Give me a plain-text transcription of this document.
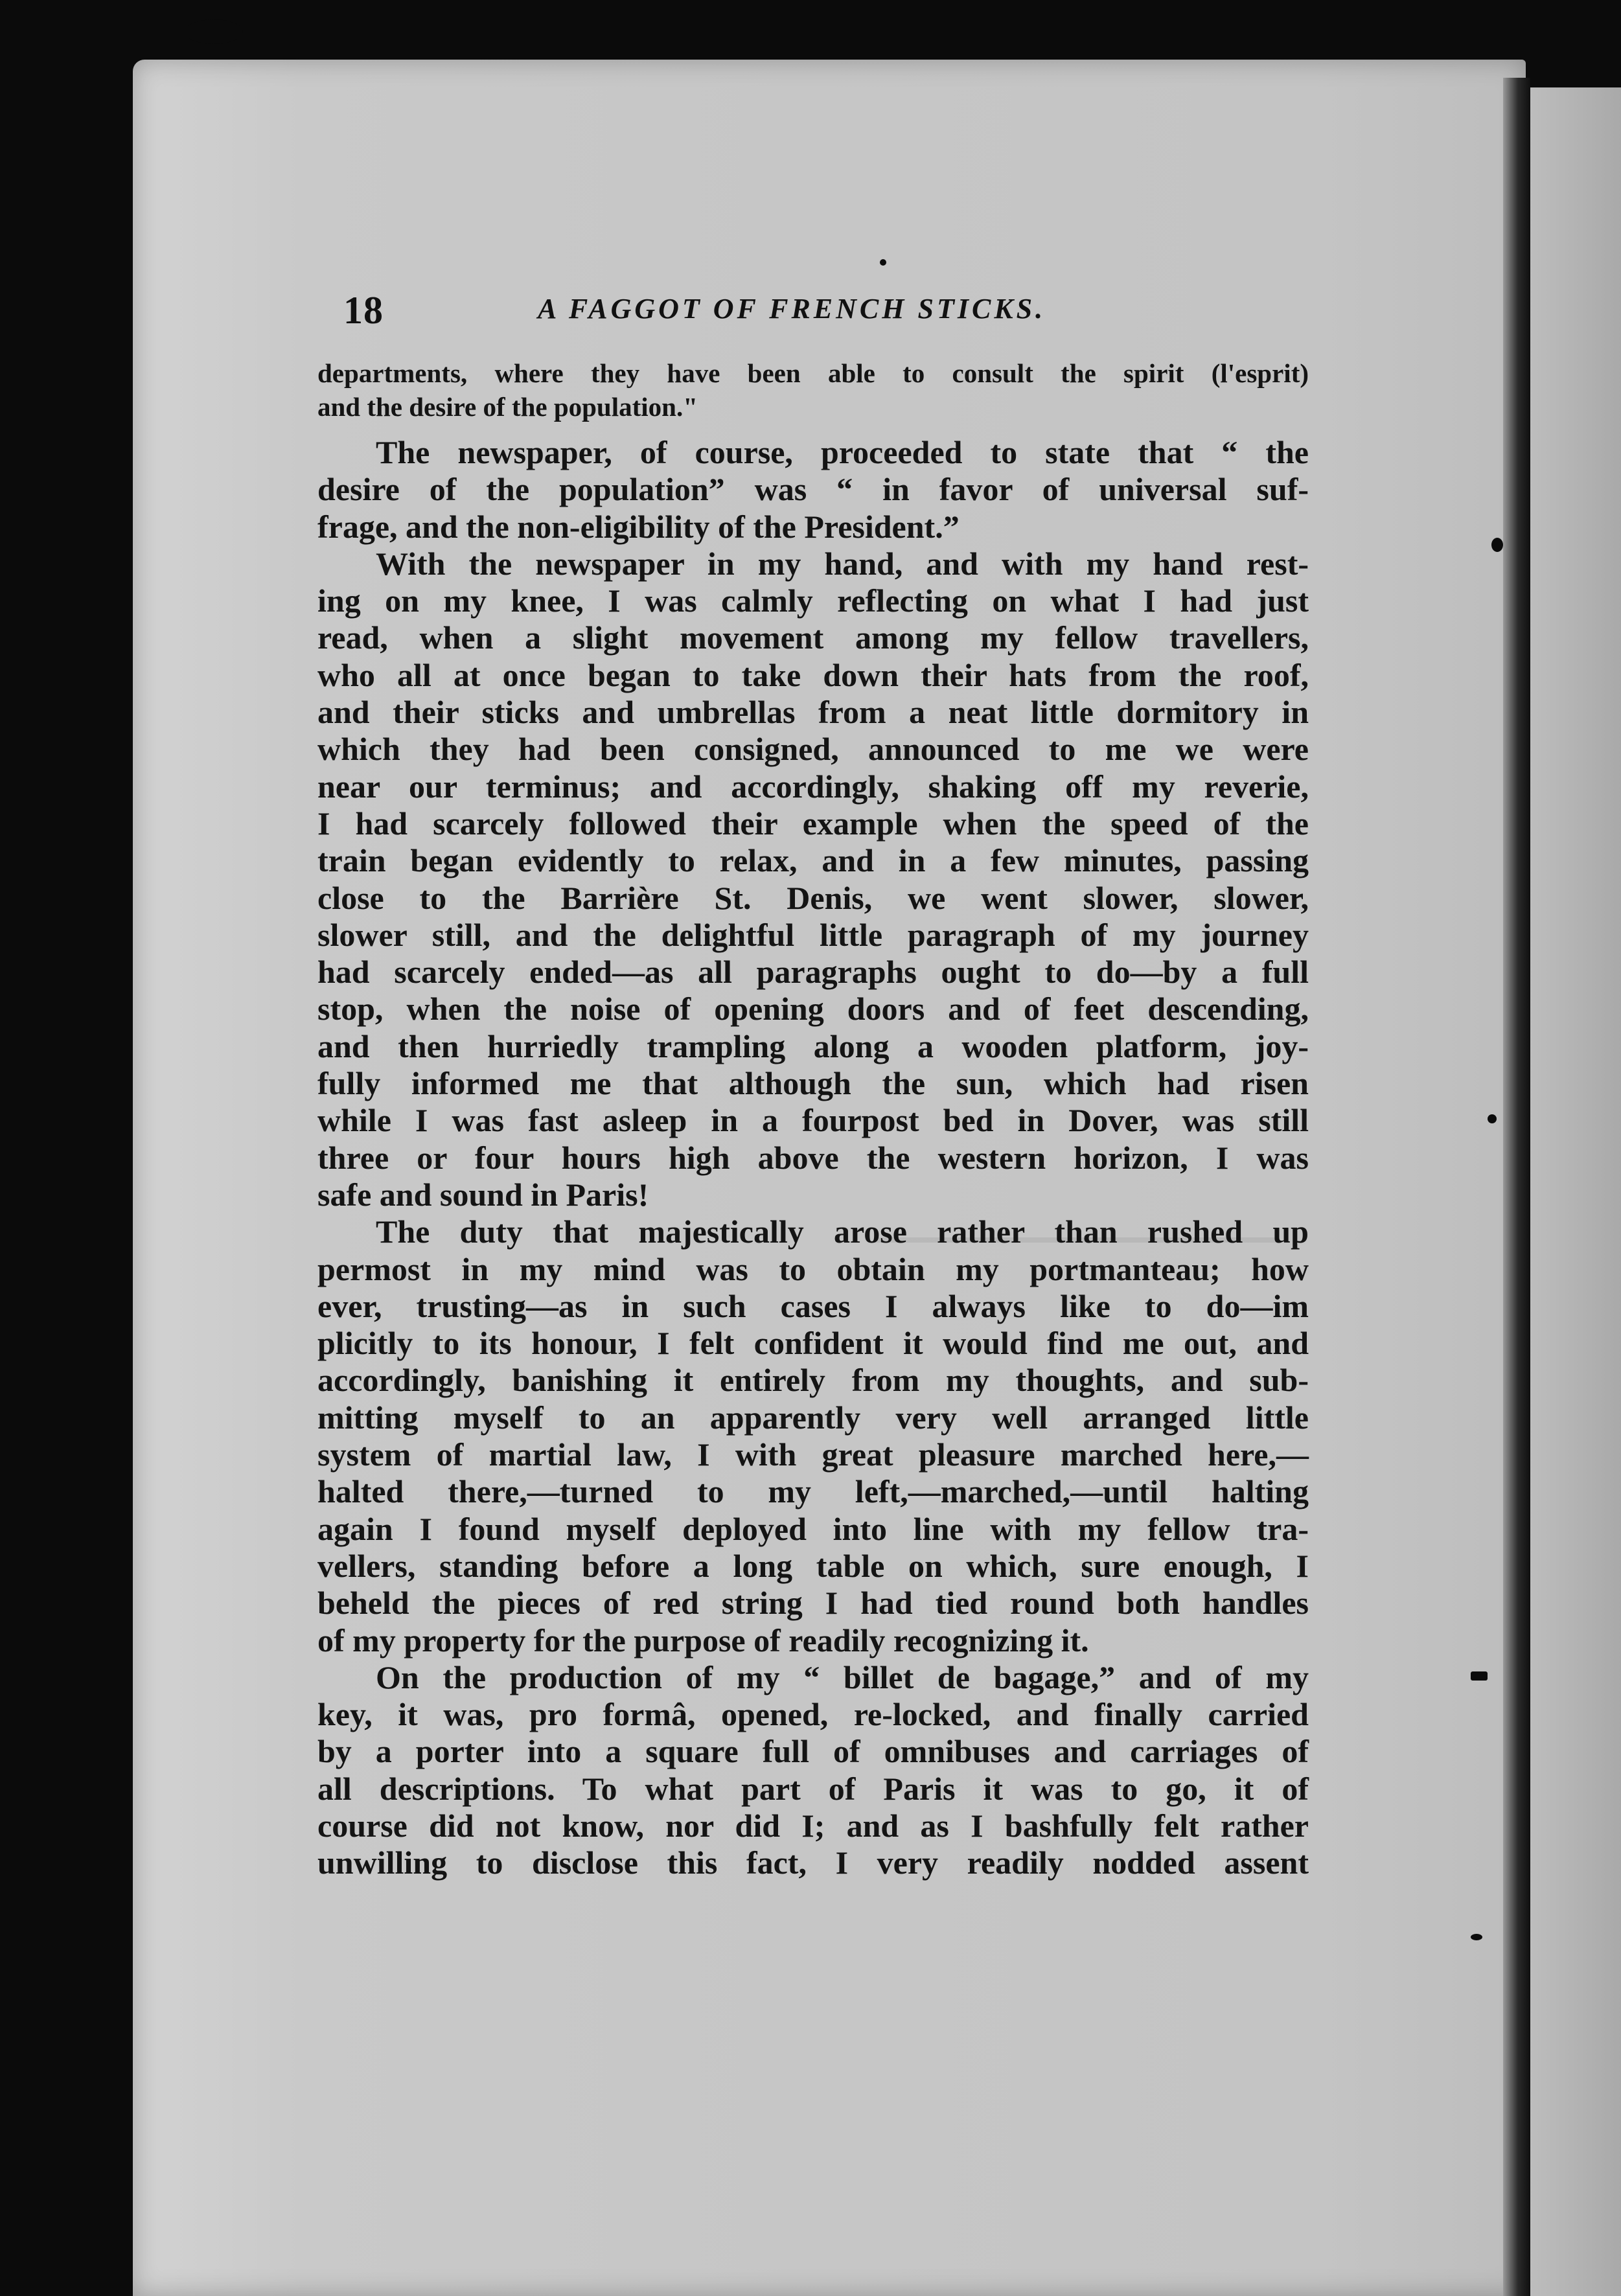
18	A FAGGOT OF FRENCH STICKS.
departments, where they have been able to consult the spirit (l'esprit)
and the desire of the population."
The newspaper, of course, proceeded to state that “ the
desire of the population” was “ in favor of universal suf-
frage, and the non-eligibility of the President.”
With the newspaper in my hand, and with my hand rest-
ing on my knee, I was calmly reflecting on what I had just
read, when a slight movement among my fellow travellers,
who all at once began to take down their hats from the roof,
and their sticks and umbrellas from a neat little dormitory in
which they had been consigned, announced to me we were
near our terminus; and accordingly, shaking off my reverie,
I had scarcely followed their example when the speed of the
train began evidently to relax, and in a few minutes, passing
close to the Barrière St. Denis, we went slower, slower,
slower still, and the delightful little paragraph of my journey
had scarcely ended—as all paragraphs ought to do—by a full
stop, when the noise of opening doors and of feet descending,
and then hurriedly trampling along a wooden platform, joy-
fully informed me that although the sun, which had risen
while I was fast asleep in a fourpost bed in Dover, was still
three or four hours high above the western horizon, I was
safe and sound in Paris!
The duty that majestically arose rather than rushed up
permost in my mind was to obtain my portmanteau; how
ever, trusting—as in such cases I always like to do—im
plicitly to its honour, I felt confident it would find me out, and
accordingly, banishing it entirely from my thoughts, and sub-
mitting myself to an apparently very well arranged little
system of martial law, I with great pleasure marched here,—
halted there,—turned to my left,—marched,—until halting
again I found myself deployed into line with my fellow tra-
vellers, standing before a long table on which, sure enough, I
beheld the pieces of red string I had tied round both handles
of my property for the purpose of readily recognizing it.
On the production of my “ billet de bagage,” and of my
key, it was, pro formâ, opened, re-locked, and finally carried
by a porter into a square full of omnibuses and carriages of
all descriptions. To what part of Paris it was to go, it of
course did not know, nor did I; and as I bashfully felt rather
unwilling to disclose this fact, I very readily nodded assent
